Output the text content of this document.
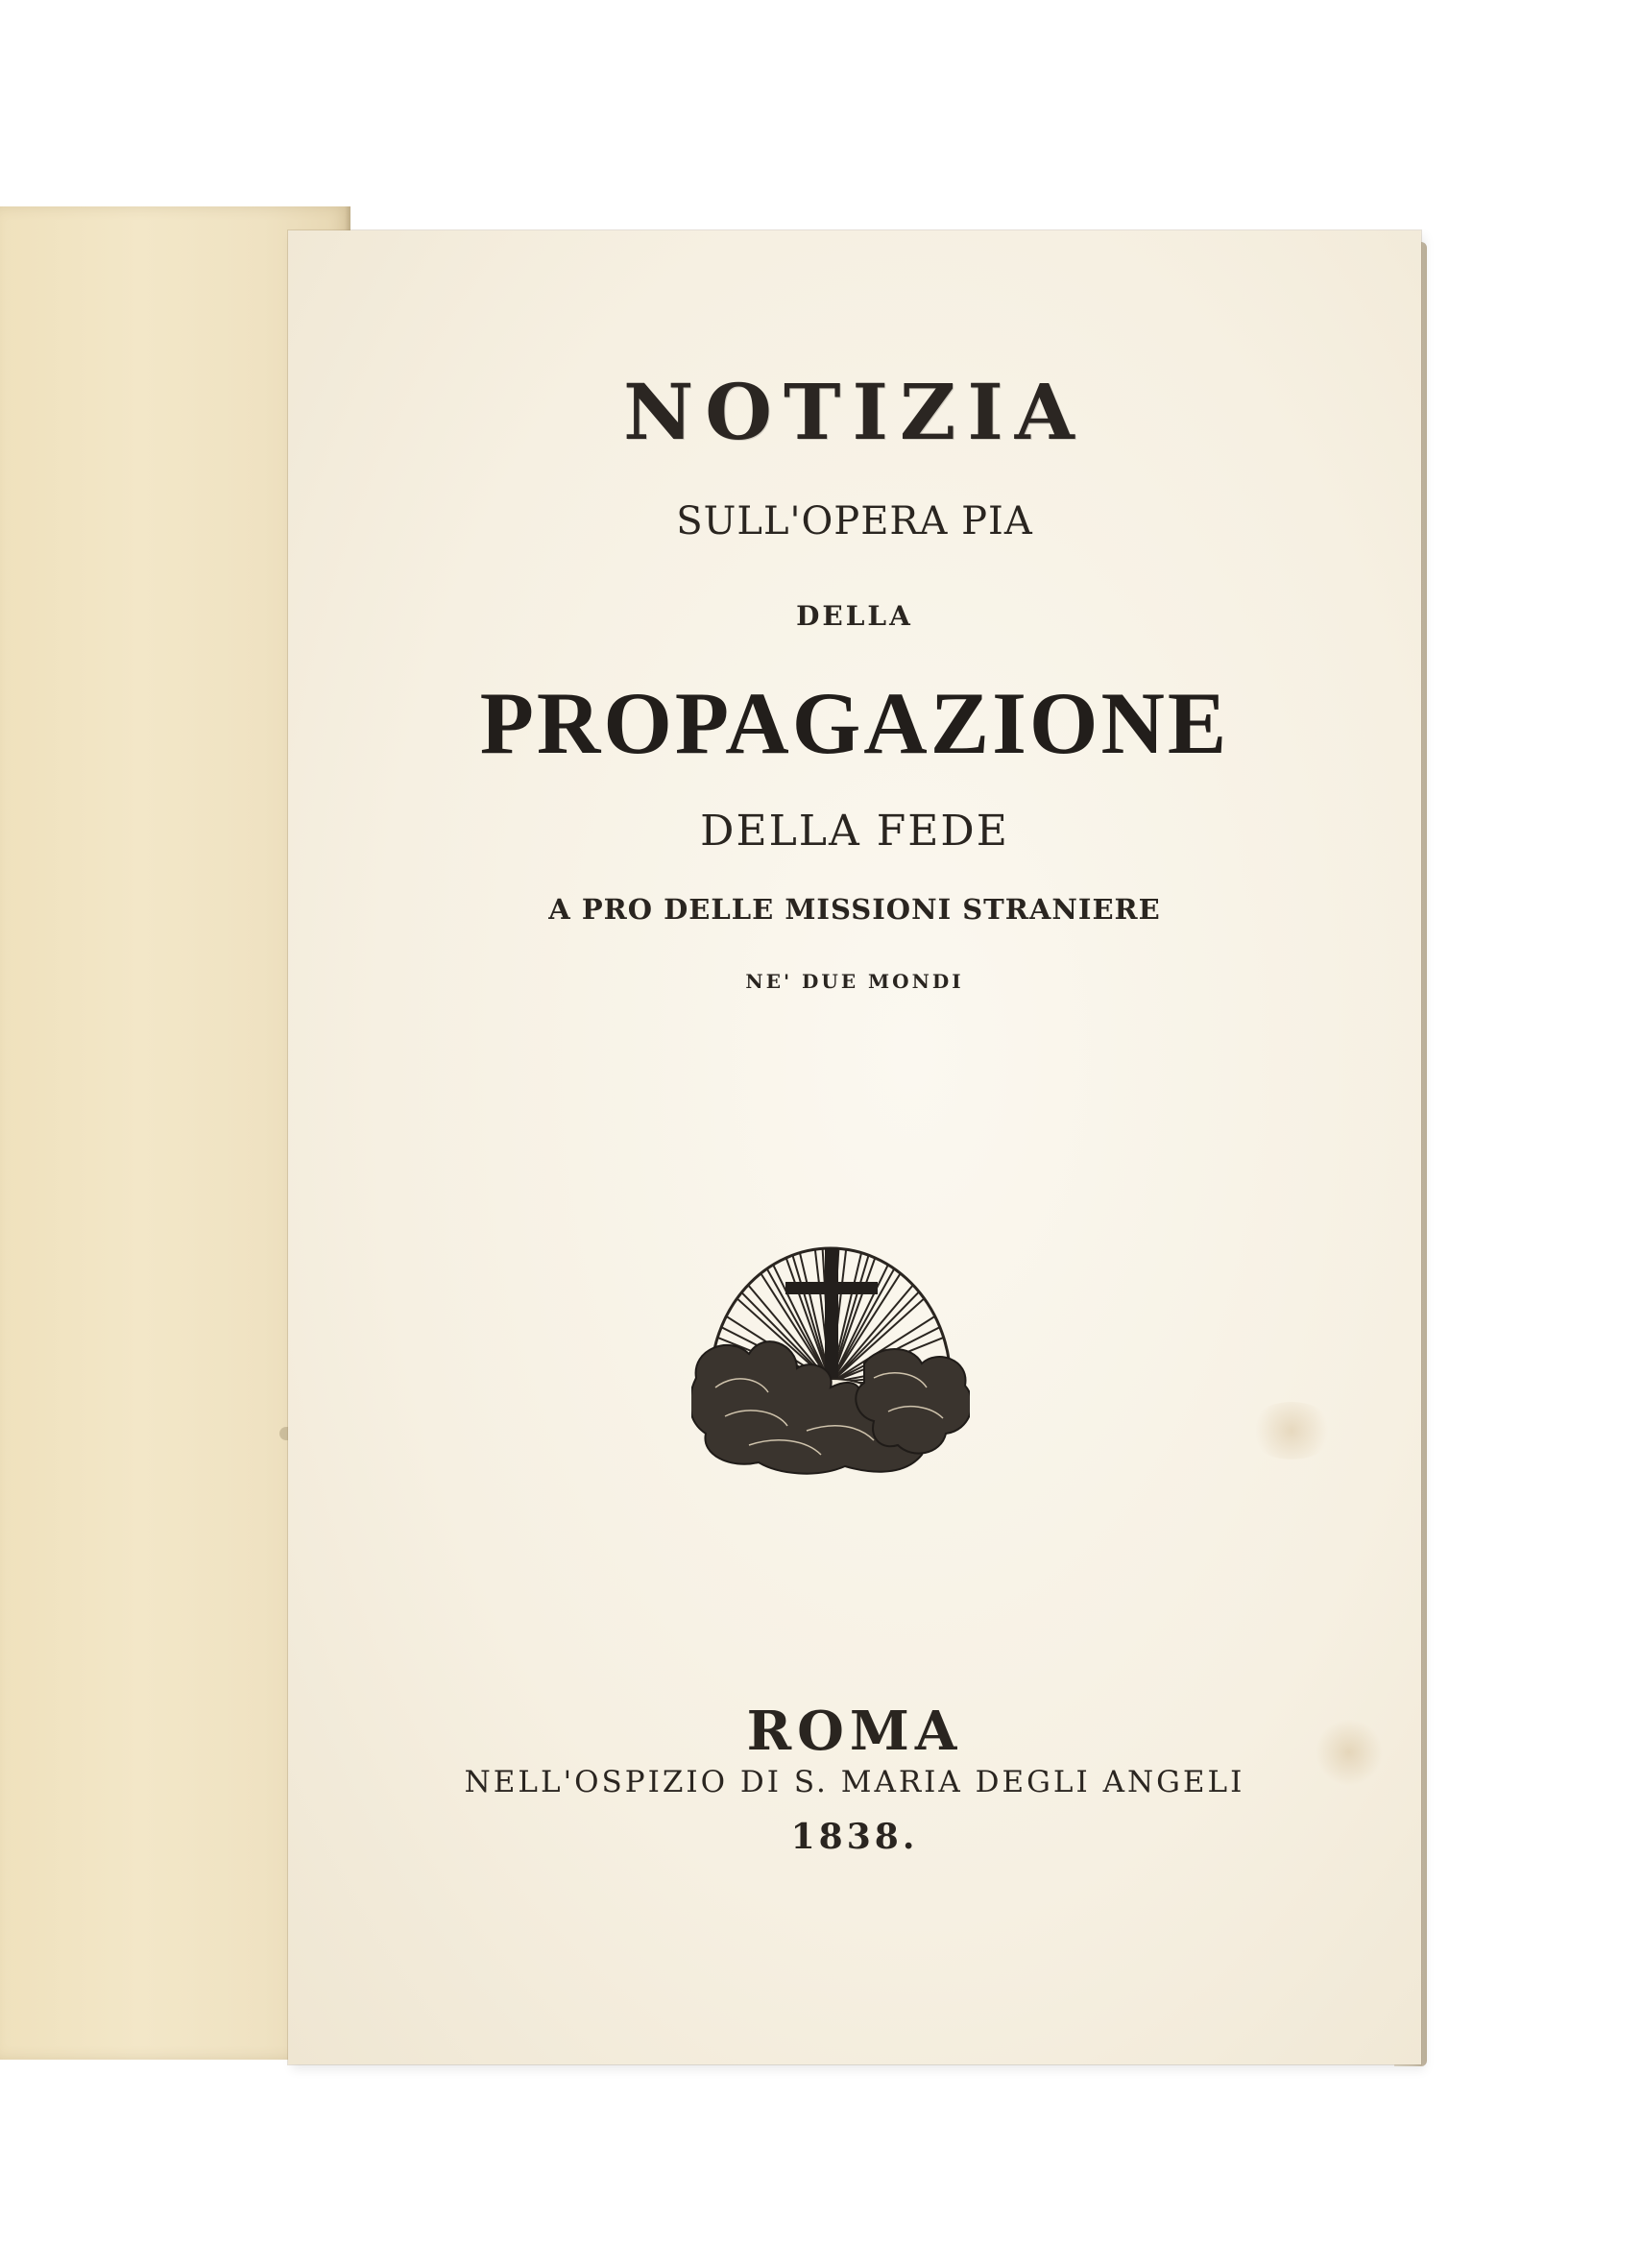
NOTIZIA
SULL'OPERA PIA
DELLA
PROPAGAZIONE
DELLA FEDE
A PRO DELLE MISSIONI STRANIERE
NE' DUE MONDI
ROMA
NELL'OSPIZIO DI S. MARIA DEGLI ANGELI
1838.
